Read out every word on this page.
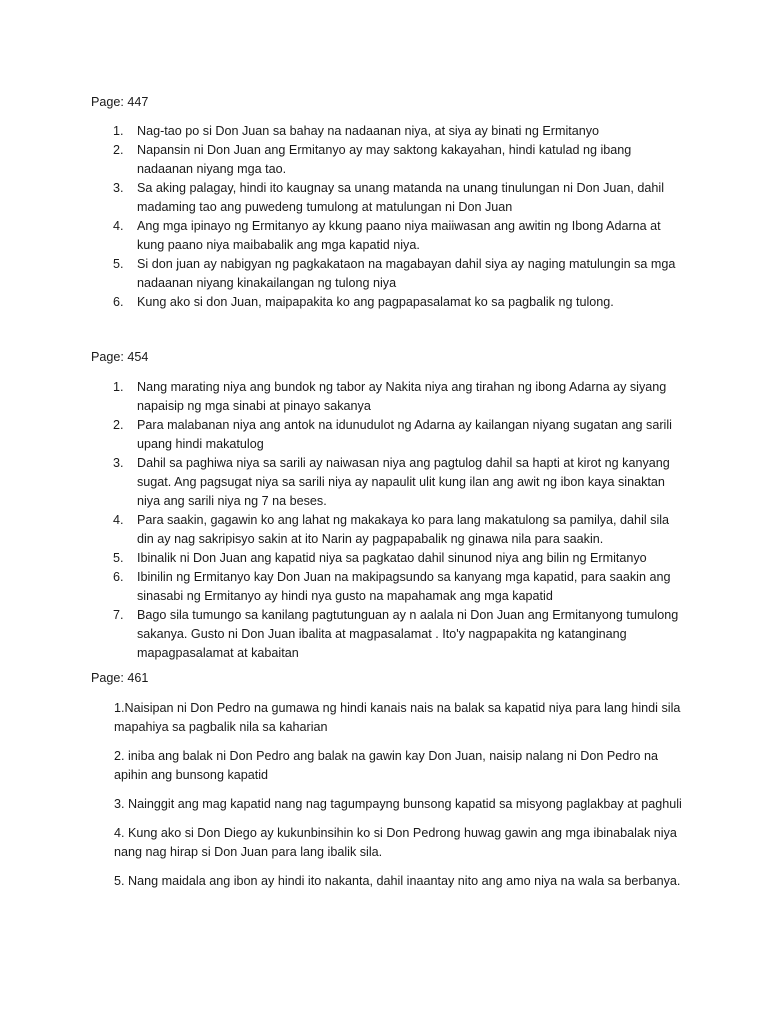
Page: 447

1. Nag-tao po si Don Juan sa bahay na nadaanan niya, at siya ay binati ng Ermitanyo
2. Napansin ni Don Juan ang Ermitanyo ay may saktong kakayahan, hindi katulad ng ibang nadaanan niyang mga tao.
3. Sa aking palagay, hindi ito kaugnay sa unang matanda na unang tinulungan ni Don Juan, dahil madaming tao ang puwedeng tumulong at matulungan ni Don Juan
4. Ang mga ipinayo ng Ermitanyo ay kkung paano niya maiiwasan ang awitin ng Ibong Adarna at kung paano niya maibabalik ang mga kapatid niya.
5. Si don juan ay nabigyan ng pagkakataon na magabayan dahil siya ay naging matulungin sa mga nadaanan niyang kinakailangan ng tulong niya
6. Kung ako si don Juan, maipapakita ko ang pagpapasalamat ko sa pagbalik ng tulong.

Page: 454

1. Nang marating niya ang bundok ng tabor ay Nakita niya ang tirahan ng ibong Adarna ay siyang napaisip ng mga sinabi at pinayo sakanya
2. Para malabanan niya ang antok na idunudulot ng Adarna ay kailangan niyang sugatan ang sarili upang hindi makatulog
3. Dahil sa paghiwa niya sa sarili ay naiwasan niya ang pagtulog dahil sa hapti at kirot ng kanyang sugat. Ang pagsugat niya sa sarili niya ay napaulit ulit kung ilan ang awit ng ibon kaya sinaktan niya ang sarili niya ng 7 na beses.
4. Para saakin, gagawin ko ang lahat ng makakaya ko para lang makatulong sa pamilya, dahil sila din ay nag sakripisyo sakin at ito Narin ay pagpapabalik ng ginawa nila para saakin.
5. Ibinalik ni Don Juan ang kapatid niya sa pagkatao dahil sinunod niya ang bilin ng Ermitanyo
6. Ibinilin ng Ermitanyo kay Don Juan na makipagsundo sa kanyang mga kapatid, para saakin ang sinasabi ng Ermitanyo ay hindi nya gusto na mapahamak ang mga kapatid
7. Bago sila tumungo sa kanilang pagtutunguan ay n aalala ni Don Juan ang Ermitanyong tumulong sakanya. Gusto ni Don Juan ibalita at magpasalamat . Ito'y nagpapakita ng katanginang mapagpasalamat at kabaitan

Page: 461

1.Naisipan ni Don Pedro na gumawa ng hindi kanais nais na balak sa kapatid niya para lang hindi sila mapahiya sa pagbalik nila sa kaharian

2. iniba ang balak ni Don Pedro ang balak na gawin kay Don Juan, naisip nalang ni Don Pedro na apihin ang bunsong kapatid

3. Nainggit ang mag kapatid nang nag tagumpayng bunsong kapatid sa misyong paglakbay at paghuli

4. Kung ako si Don Diego ay kukunbinsihin ko si Don Pedrong huwag gawin ang mga ibinabalak niya nang nag hirap si Don Juan para lang ibalik sila.

5. Nang maidala ang ibon ay hindi ito nakanta, dahil inaantay nito ang amo niya na wala sa berbanya.
